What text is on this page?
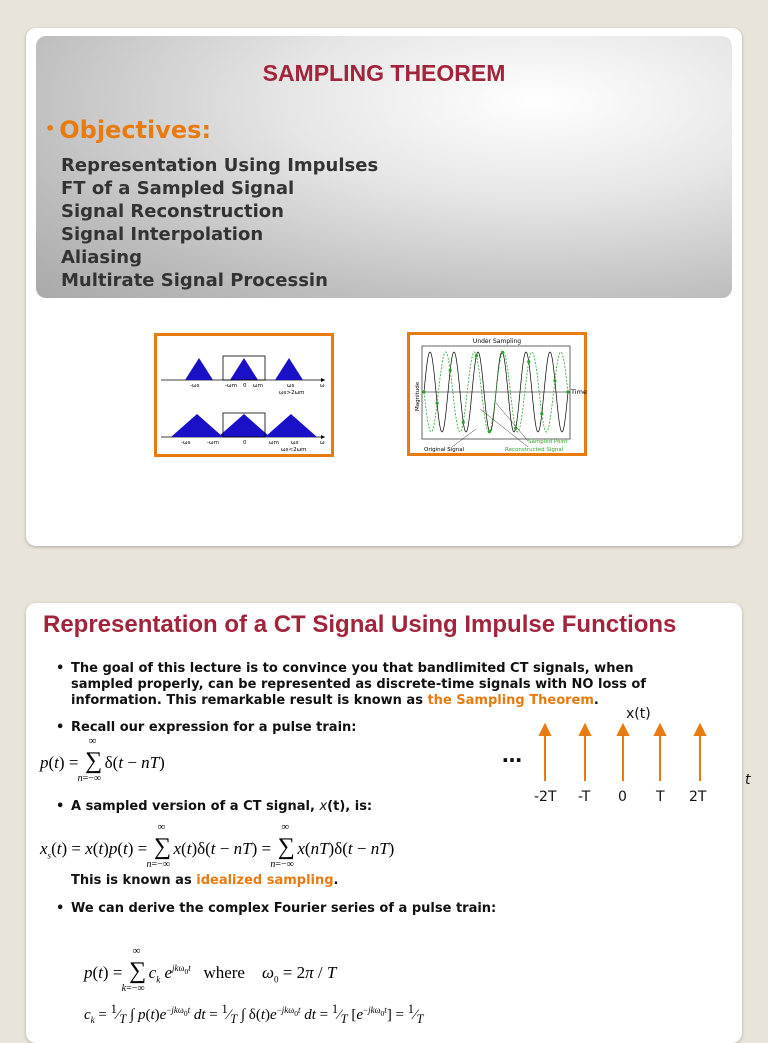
SAMPLING THEOREM
• Objectives:
Representation Using Impulses
FT of a Sampled Signal
Signal Reconstruction
Signal Interpolation
Aliasing
Multirate Signal Processin
-ωs	-ωm 0 ωm	ωs	ω
ωs>2ωm
-ωs	-ωm	0	ωm ωs	ω
ωs<2ωm
Under Sampling
Time
Magnitude
Original Signal
Sampled Point
Reconstructed Signal
Representation of a CT Signal Using Impulse Functions
• The goal of this lecture is to convince you that bandlimited CT signals, when
sampled properly, can be represented as discrete-time signals with NO loss of
information. This remarkable result is known as the Sampling Theorem.
• Recall our expression for a pulse train:
p(t) =
∞
∑
n=−∞
δ(t − nT)
• A sampled version of a CT signal, x(t), is:
$x_s(t) = x(t)p(t)$ =
∞
∑
n=−∞
x(t)δ(t − nT) =
∞
∑
n=−∞
x(nT)δ(t − nT)
This is known as idealized sampling.
• We can derive the complex Fourier series of a pulse train:
p(t) =
∞
∑
k=−∞
$c_k$ $e^{jk\omega_0t}$ where $\omega_0 = 2\pi / T$
$c_k$ = $^1⁄_T$ ∫ $p(t)e^{-jk\omega_0t}$ dt = $^1⁄_T$ ∫ $\delta(t)e^{-jk\omega_0t}$ dt = $^1⁄_T$ $[e^{-jk\omega_0t}]$ = $^1⁄_T$
x(t)
…
-2T -T 0 T 2T
t
